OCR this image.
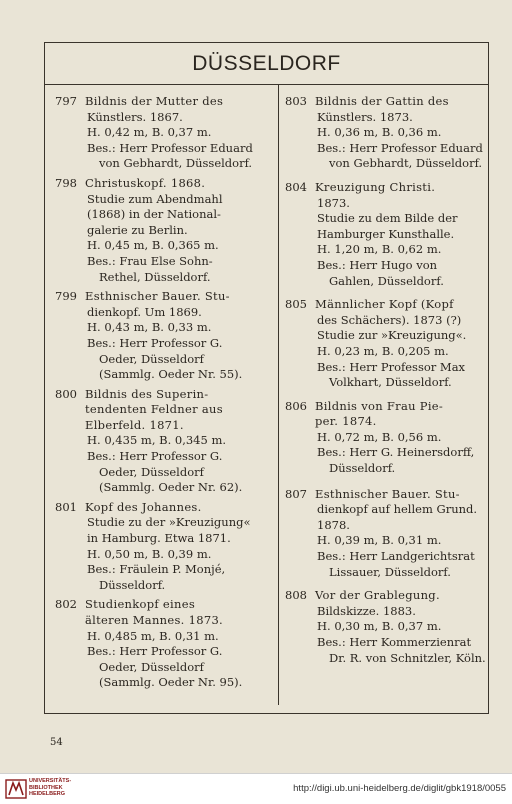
DÜSSELDORF
797 Bildnis der Mutter des
Künstlers. 1867.
H. 0,42 m, B. 0,37 m.
Bes.: Herr Professor Eduard
von Gebhardt, Düsseldorf.
798 Christuskopf. 1868.
Studie zum Abendmahl
(1868) in der National-
galerie zu Berlin.
H. 0,45 m, B. 0,365 m.
Bes.: Frau Else Sohn-
Rethel, Düsseldorf.
799 Esthnischer Bauer. Stu-
dienkopf. Um 1869.
H. 0,43 m, B. 0,33 m.
Bes.: Herr Professor G.
Oeder, Düsseldorf
(Sammlg. Oeder Nr. 55).
800 Bildnis des Superin-
tendenten Feldner aus
Elberfeld. 1871.
H. 0,435 m, B. 0,345 m.
Bes.: Herr Professor G.
Oeder, Düsseldorf
(Sammlg. Oeder Nr. 62).
801 Kopf des Johannes.
Studie zu der »Kreuzigung«
in Hamburg. Etwa 1871.
H. 0,50 m, B. 0,39 m.
Bes.: Fräulein P. Monjé,
Düsseldorf.
802 Studienkopf eines
älteren Mannes. 1873.
H. 0,485 m, B. 0,31 m.
Bes.: Herr Professor G.
Oeder, Düsseldorf
(Sammlg. Oeder Nr. 95).
803 Bildnis der Gattin des
Künstlers. 1873.
H. 0,36 m, B. 0,36 m.
Bes.: Herr Professor Eduard
von Gebhardt, Düsseldorf.
804 Kreuzigung Christi.
1873.
Studie zu dem Bilde der
Hamburger Kunsthalle.
H. 1,20 m, B. 0,62 m.
Bes.: Herr Hugo von
Gahlen, Düsseldorf.
805 Männlicher Kopf (Kopf
des Schächers). 1873 (?)
Studie zur »Kreuzigung«.
H. 0,23 m, B. 0,205 m.
Bes.: Herr Professor Max
Volkhart, Düsseldorf.
806 Bildnis von Frau Pie-
per. 1874.
H. 0,72 m, B. 0,56 m.
Bes.: Herr G. Heinersdorff,
Düsseldorf.
807 Esthnischer Bauer. Stu-
dienkopf auf hellem Grund.
1878.
H. 0,39 m, B. 0,31 m.
Bes.: Herr Landgerichtsrat
Lissauer, Düsseldorf.
808 Vor der Grablegung.
Bildskizze. 1883.
H. 0,30 m, B. 0,37 m.
Bes.: Herr Kommerzienrat
Dr. R. von Schnitzler, Köln.
54
UNIVERSITÄTS-
BIBLIOTHEK
HEIDELBERG	http://digi.ub.uni-heidelberg.de/diglit/gbk1918/0055
